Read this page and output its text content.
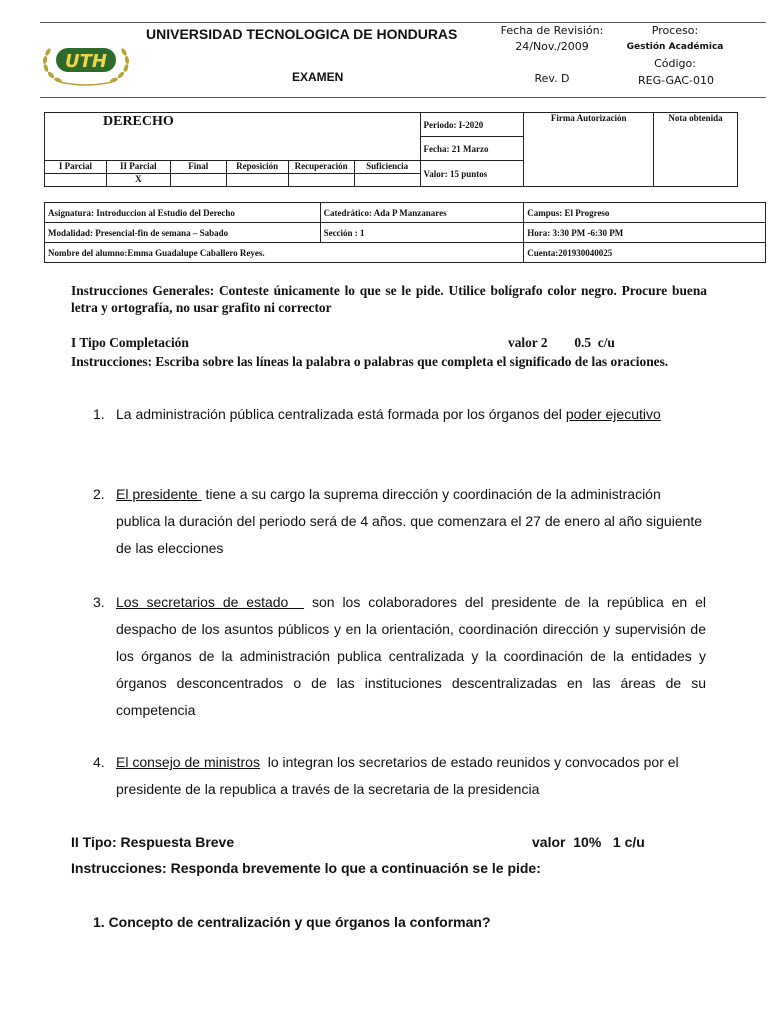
UTH
UNIVERSIDAD TECNOLOGICA DE HONDURAS
EXAMEN
Fecha de Revisión:
24/Nov./2009
Rev. D
Proceso:
Gestión Académica
Código:
REG-GAC-010
DERECHO						Periodo: I-2020	Firma Autorización	Nota obtenida
						Fecha: 21 Marzo		
I Parcial	II Parcial	Final	Reposición	Recuperación	Suficiencia	Valor: 15 puntos		
	X							
Asignatura: Introduccion al Estudio del Derecho	Catedrático: Ada P Manzanares	Campus: El Progreso
Modalidad: Presencial-fin de semana – Sabado	Sección : 1	Hora: 3:30 PM -6:30 PM
Nombre del alumno:Emma Guadalupe Caballero Reyes.		Cuenta:201930040025
Instrucciones Generales: Conteste únicamente lo que se le pide. Utilice bolígrafo color negro. Procure buena letra y ortografía, no usar grafito ni corrector
I Tipo Completación	valor 2        0.5  c/u
Instrucciones: Escriba sobre las líneas la palabra o palabras que completa el significado de las oraciones.
1. La administración pública centralizada está formada por los órganos del poder ejecutivo
2. El presidente  tiene a su cargo la suprema dirección y coordinación de la administración publica la duración del periodo será de 4 años. que comenzara el 27 de enero al año siguiente de las elecciones
3. Los secretarios de estado   son los colaboradores del presidente de la república en el despacho de los asuntos públicos y en la orientación, coordinación dirección y supervisión de los órganos de la administración publica centralizada y la coordinación de la entidades y órganos desconcentrados o de las instituciones descentralizadas en las áreas de su competencia
4. El consejo de ministros  lo integran los secretarios de estado reunidos y convocados por el presidente de la republica a través de la secretaria de la presidencia
II Tipo: Respuesta Breve	valor  10%   1 c/u
Instrucciones: Responda brevemente lo que a continuación se le pide:
1. Concepto de centralización y que órganos la conforman?
